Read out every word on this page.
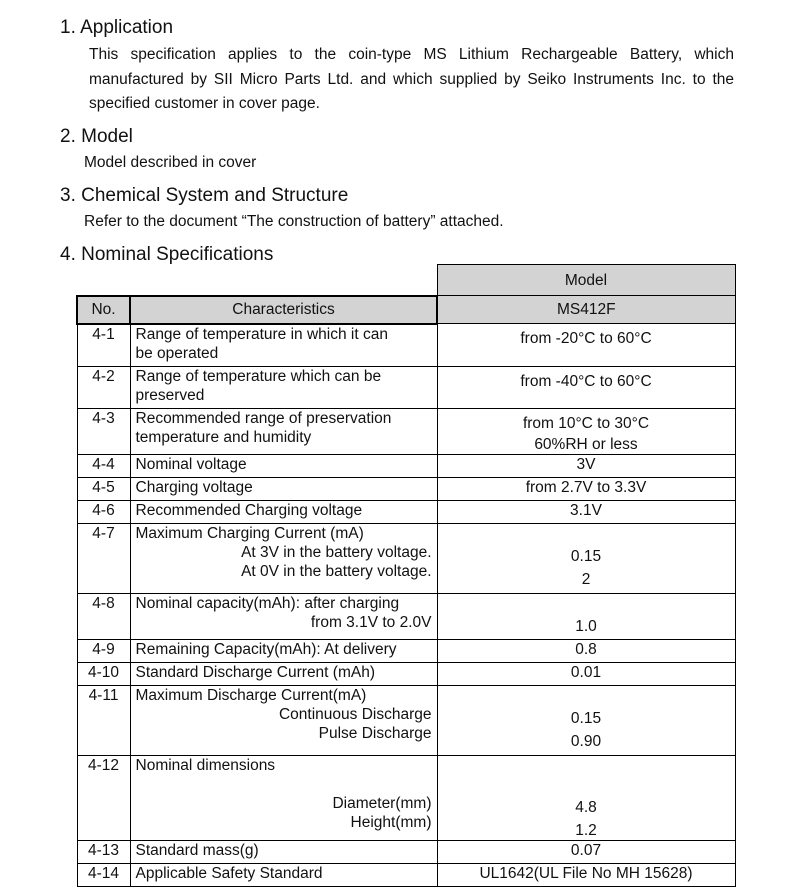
1. Application
This specification applies to the coin-type MS Lithium Rechargeable Battery, which manufactured by SII Micro Parts Ltd. and which supplied by Seiko Instruments Inc. to the specified customer in cover page.
2. Model
Model described in cover
3. Chemical System and Structure
Refer to the document “The construction of battery” attached.
4. Nominal Specifications
		Model
No.	Characteristics	MS412F
4-1	Range of temperature in which it can
be operated	from -20°C to 60°C

4-2	Range of temperature which can be
preserved	from -40°C to 60°C

4-3	Recommended range of preservation
temperature and humidity	from 10°C to 30°C
60%RH or less

4-4	Nominal voltage	3V

4-5	Charging voltage	from 2.7V to 3.3V

4-6	Recommended Charging voltage	3.1V

4-7	Maximum Charging Current (mA)
At 3V in the battery voltage.
At 0V in the battery voltage.	0.15
2

4-8	Nominal capacity(mAh): after charging
from 3.1V to 2.0V	1.0

4-9	Remaining Capacity(mAh): At delivery	0.8

4-10	Standard Discharge Current (mAh)	0.01

4-11	Maximum Discharge Current(mA)
Continuous Discharge
Pulse Discharge	0.15
0.90

4-12	Nominal dimensions

Diameter(mm)
Height(mm)	4.8
1.2

4-13	Standard mass(g)	0.07

4-14	Applicable Safety Standard	UL1642(UL File No MH 15628)
